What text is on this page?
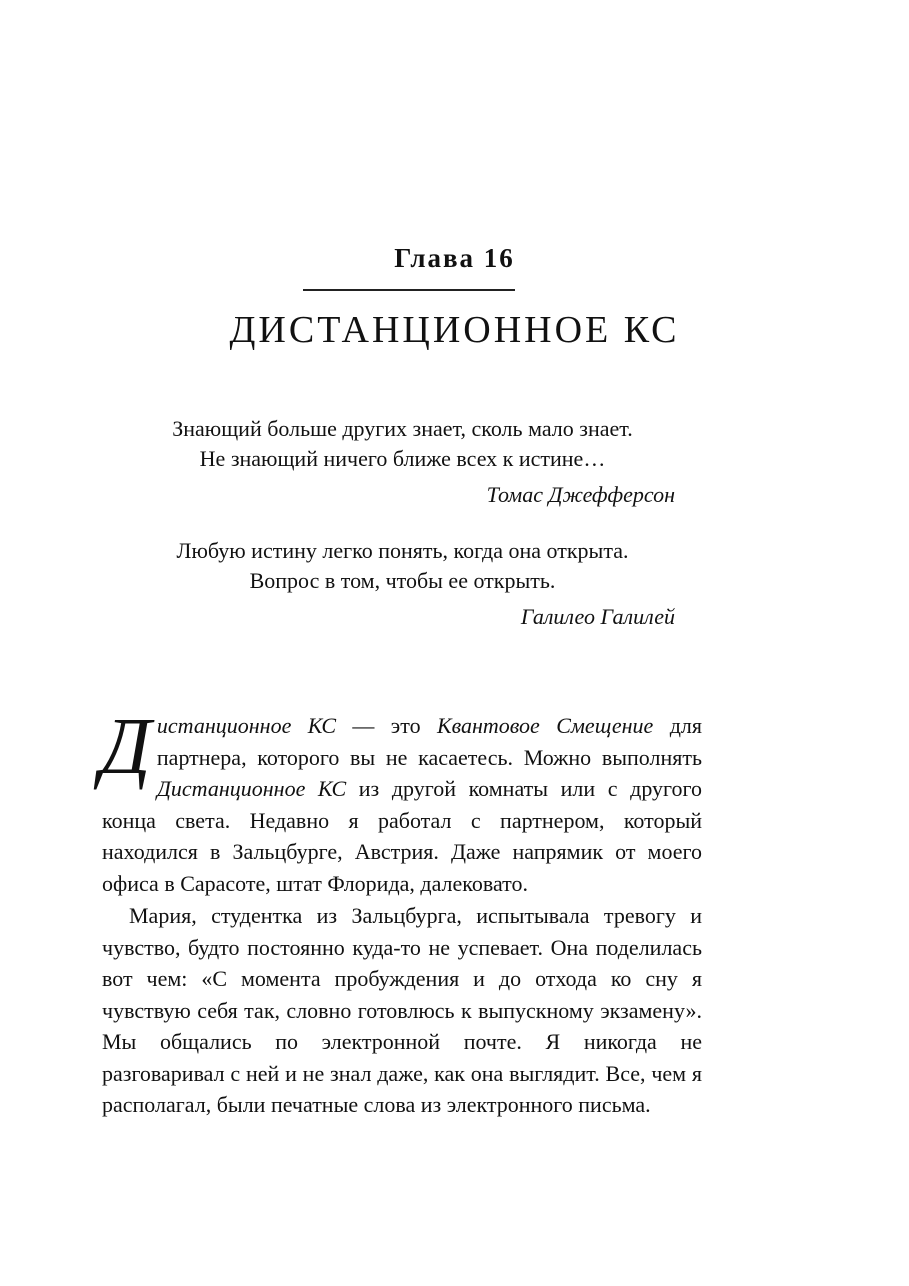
Глава 16
ДИСТАНЦИОННОЕ КС
Знающий больше других знает, сколь мало знает.
Не знающий ничего ближе всех к истине…
Томас Джефферсон
Любую истину легко понять, когда она открыта.
Вопрос в том, чтобы ее открыть.
Галилео Галилей

Дистанционное КС — это Квантовое Смещение для партнера, которого вы не касаетесь. Можно выполнять Дистанционное КС из другой комнаты или с другого конца света. Недавно я работал с партнером, который находился в Зальцбурге, Австрия. Даже напрямик от моего офиса в Сарасоте, штат Флорида, далековато.

Мария, студентка из Зальцбурга, испытывала тревогу и чувство, будто постоянно куда-то не успевает. Она поделилась вот чем: «С момента пробуждения и до отхода ко сну я чувствую себя так, словно готовлюсь к выпускному экзамену». Мы общались по электронной почте. Я никогда не разговаривал с ней и не знал даже, как она выглядит. Все, чем я располагал, были печатные слова из электронного письма.
